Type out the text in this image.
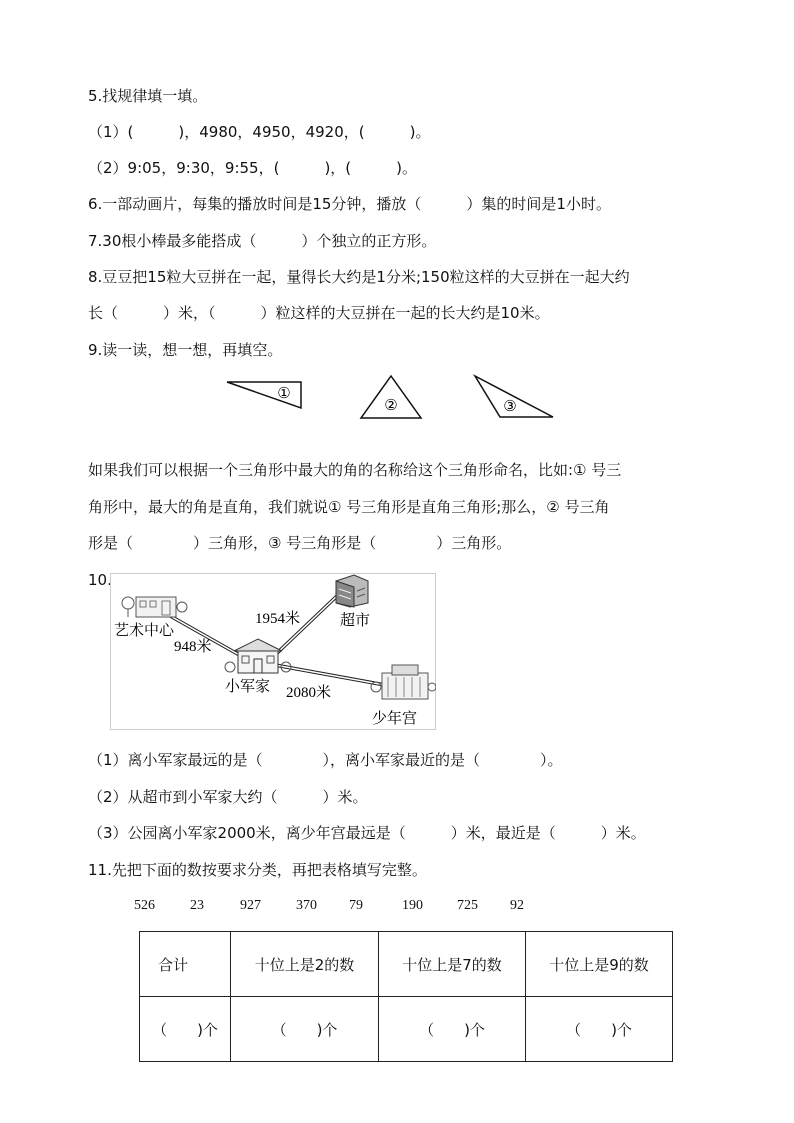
5.找规律填一填。
（1）(　　　)，4980，4950，4920，(　　　)。
（2）9:05，9:30，9:55，(　　　)，(　　　)。
6.一部动画片，每集的播放时间是15分钟，播放（　　　）集的时间是1小时。
7.30根小棒最多能搭成（　　　）个独立的正方形。
8.豆豆把15粒大豆拼在一起，量得长大约是1分米;150粒这样的大豆拼在一起大约
长（　　　）米，（　　　）粒这样的大豆拼在一起的长大约是10米。
9.读一读，想一想，再填空。
①
②	③
如果我们可以根据一个三角形中最大的角的名称给这个三角形命名，比如:① 号三
角形中，最大的角是直角，我们就说① 号三角形是直角三角形;那么，② 号三角
形是（　　　　）三角形，③ 号三角形是（　　　　）三角形。
10.
艺术中心
948米
1954米	超市
小军家 2080米
少年宫
（1）离小军家最远的是（　　　　），离小军家最近的是（　　　　）。
（2）从超市到小军家大约（　　　）米。
（3）公园离小军家2000米，离少年宫最远是（　　　）米，最近是（　　　）米。
11.先把下面的数按要求分类，再把表格填写完整。
526	23	927	370 79	190 725 92
合计	十位上是2的数	十位上是7的数	十位上是9的数
（　　)个	（　　)个	（　　)个	（　　)个
